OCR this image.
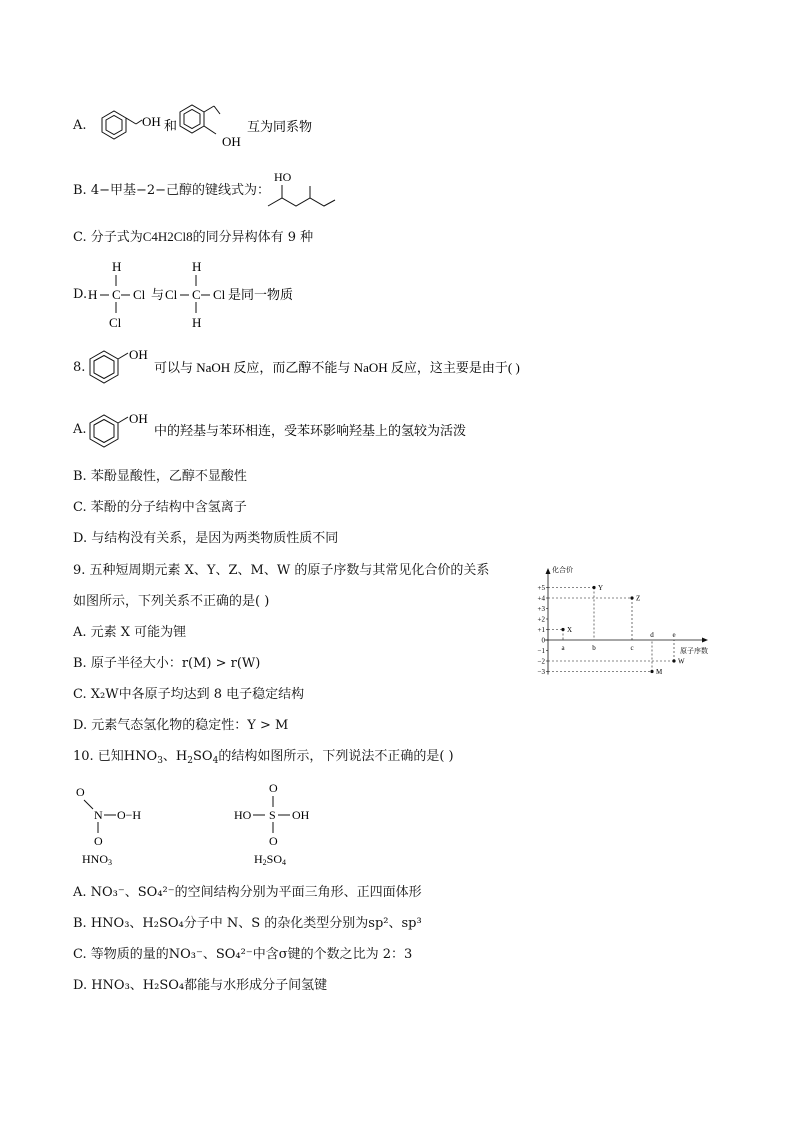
A.	OH 和
OH
互为同系物
B. 4−甲基−2−己醇的键线式为：
HO
C. 分子式为C4H2Cl8的同分异构体有 9 种
D.
H
H C Cl
Cl
与 Cl C Cl
H
H
是同一物质
8.
OH
可以与 NaOH 反应，而乙醇不能与 NaOH 反应，这主要是由于( )
A.
OH
中的羟基与苯环相连，受苯环影响羟基上的氢较为活泼
B. 苯酚显酸性，乙醇不显酸性
C. 苯酚的分子结构中含氢离子
D. 与结构没有关系，是因为两类物质性质不同
9. 五种短周期元素 X、Y、Z、M、W 的原子序数与其常见化合价的关系
如图所示，下列关系不正确的是( )
A. 元素 X 可能为锂
B. 原子半径大小：r(M) > r(W)
C. X₂W中各原子均达到 8 电子稳定结构
D. 元素气态氢化物的稳定性：Y > M
化合价
原子序数
+5
+4
+3
+2
+1
0
−1
−2
−3
a	b	c
d	e
X
Y
Z
M
W
10. 已知$HNO_3$、$H_2SO_4$的结构如图所示，下列说法不正确的是( )
O
N O−H
O
HNO3
O
HO S OH
O
H2SO4
A. NO₃⁻、SO₄²⁻的空间结构分别为平面三角形、正四面体形
B. HNO₃、H₂SO₄分子中 N、S 的杂化类型分别为sp²、sp³
C. 等物质的量的NO₃⁻、SO₄²⁻中含σ键的个数之比为 2：3
D. HNO₃、H₂SO₄都能与水形成分子间氢键
